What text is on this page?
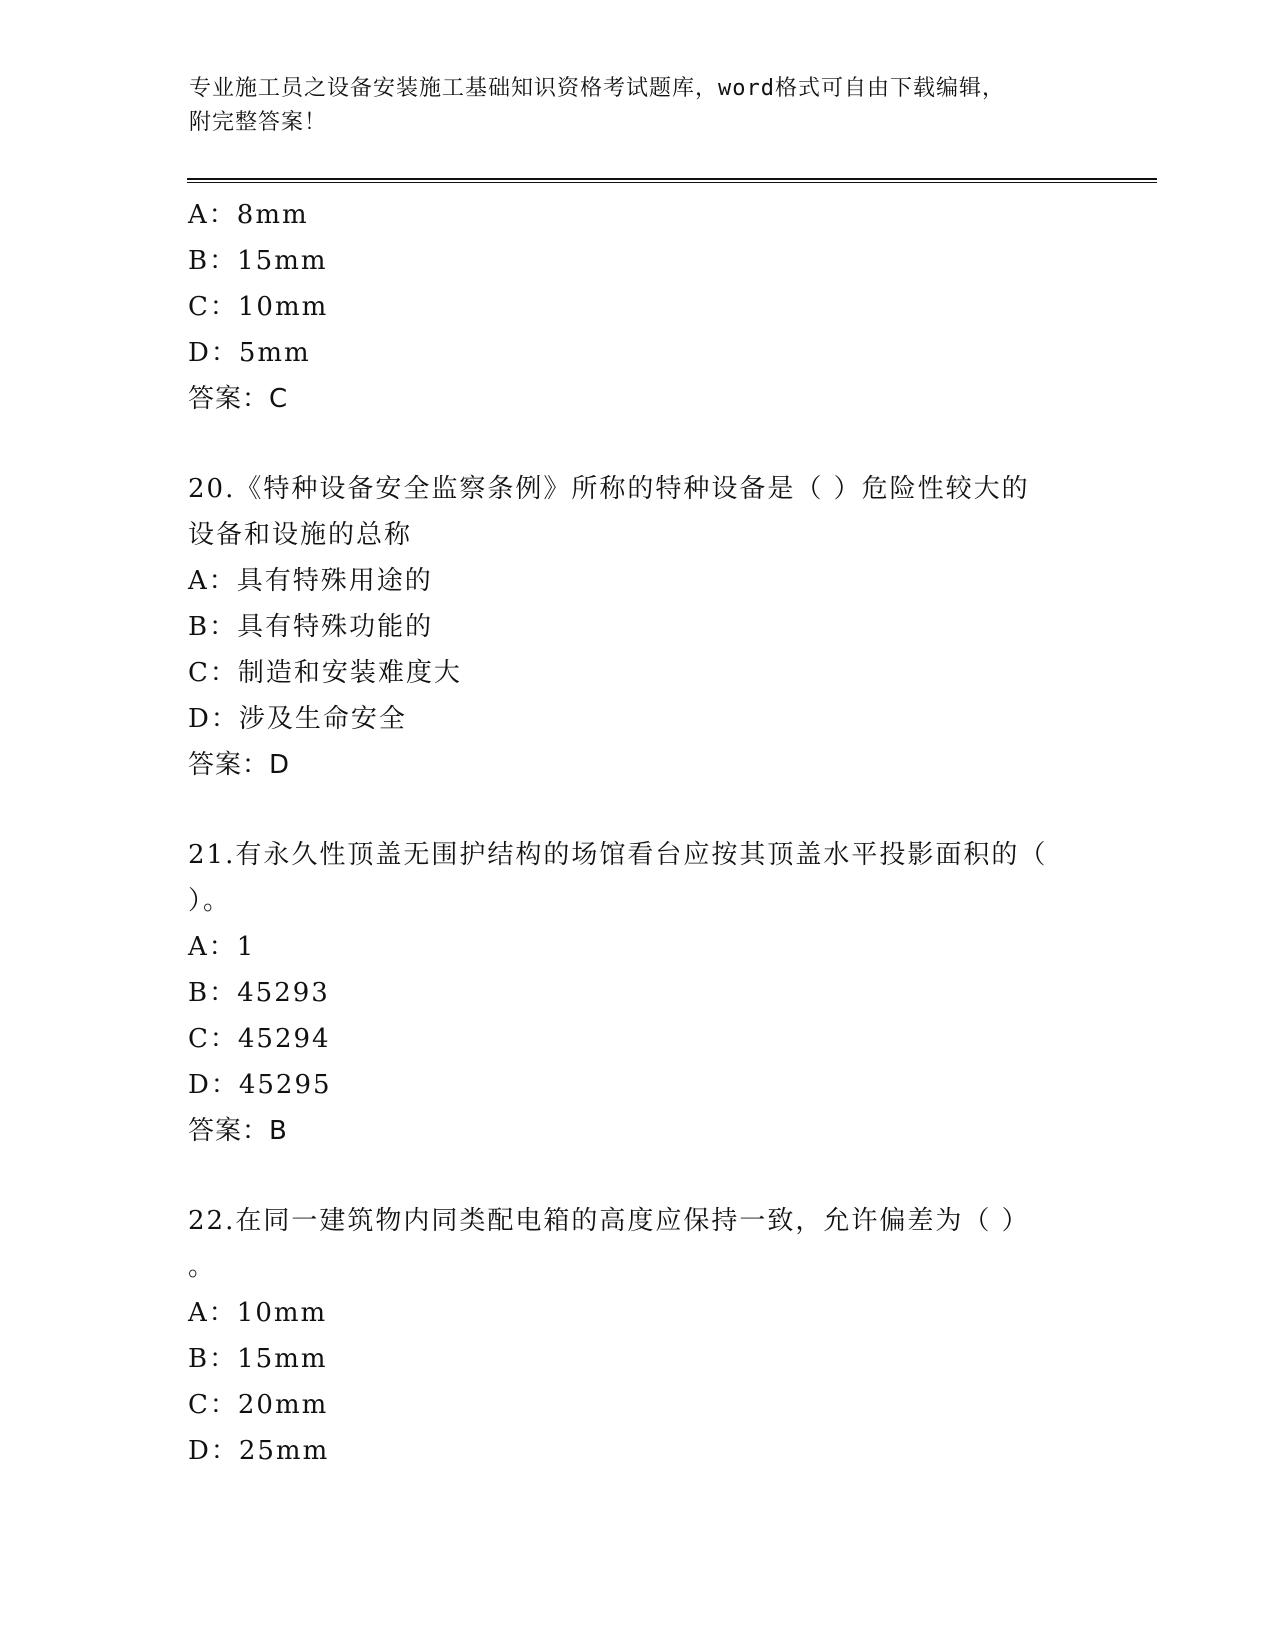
专业施工员之设备安装施工基础知识资格考试题库，word格式可自由下载编辑，
附完整答案！
A：8mm
B：15mm
C：10mm
D：5mm
答案：C
20.《特种设备安全监察条例》所称的特种设备是（ ）危险性较大的
设备和设施的总称
A：具有特殊用途的
B：具有特殊功能的
C：制造和安装难度大
D：涉及生命安全
答案：D
21.有永久性顶盖无围护结构的场馆看台应按其顶盖水平投影面积的（
）。
A：1
B：45293
C：45294
D：45295
答案：B
22.在同一建筑物内同类配电箱的高度应保持一致，允许偏差为（ ）
。
A：10mm
B：15mm
C：20mm
D：25mm
